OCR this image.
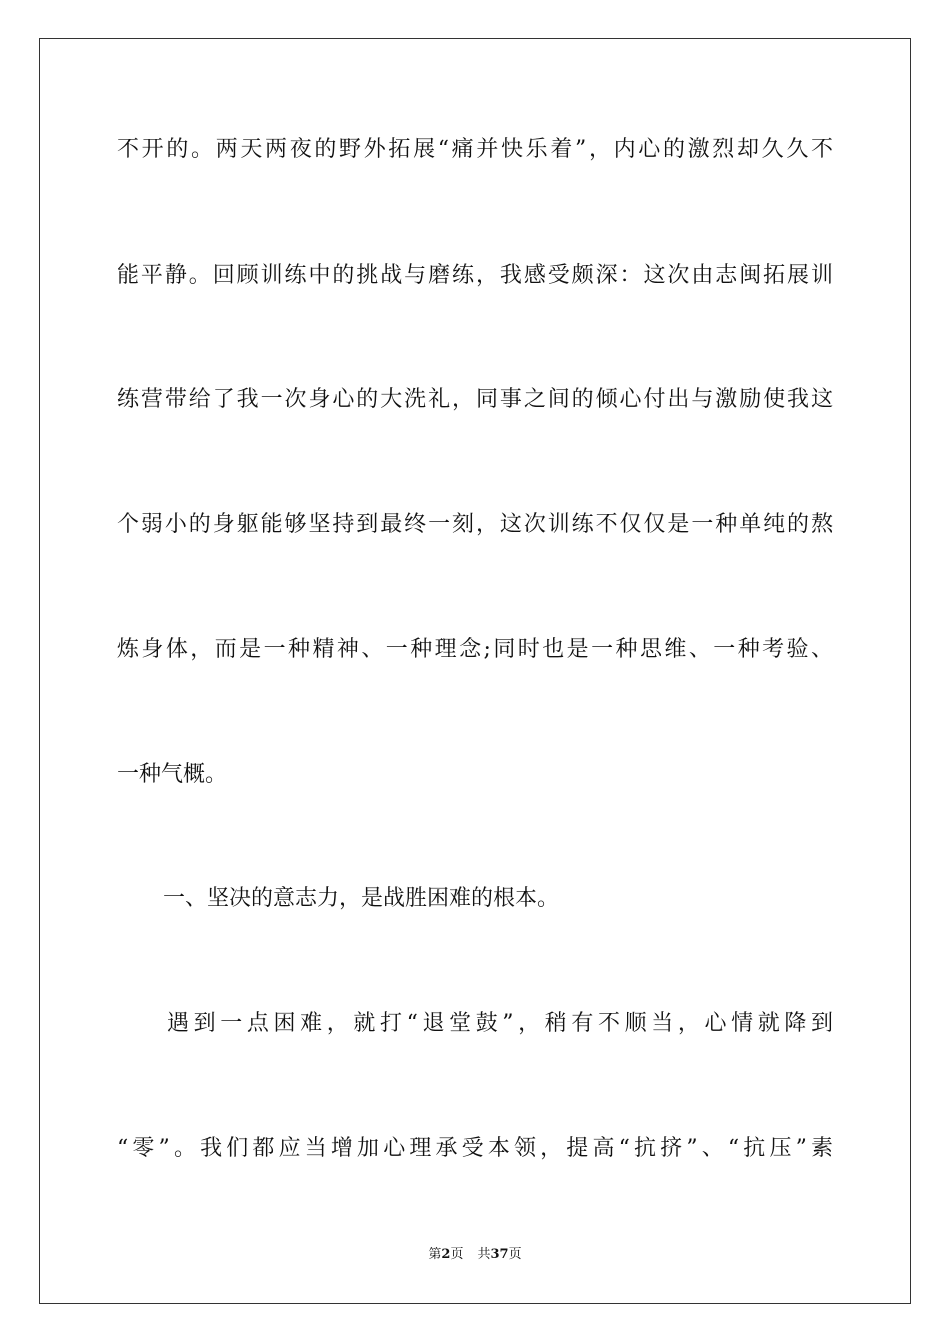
不开的。两天两夜的野外拓展“痛并快乐着”，内心的激烈却久久不
能平静。回顾训练中的挑战与磨练，我感受颇深：这次由志闽拓展训
练营带给了我一次身心的大洗礼，同事之间的倾心付出与激励使我这
个弱小的身躯能够坚持到最终一刻，这次训练不仅仅是一种单纯的熬
炼身体，而是一种精神、一种理念;同时也是一种思维、一种考验、
一种气概。
一、坚决的意志力，是战胜困难的根本。
遇到一点困难，就打“退堂鼓”，稍有不顺当，心情就降到
“零”。我们都应当增加心理承受本领，提高“抗挤”、“抗压”素
第2页 共37页
